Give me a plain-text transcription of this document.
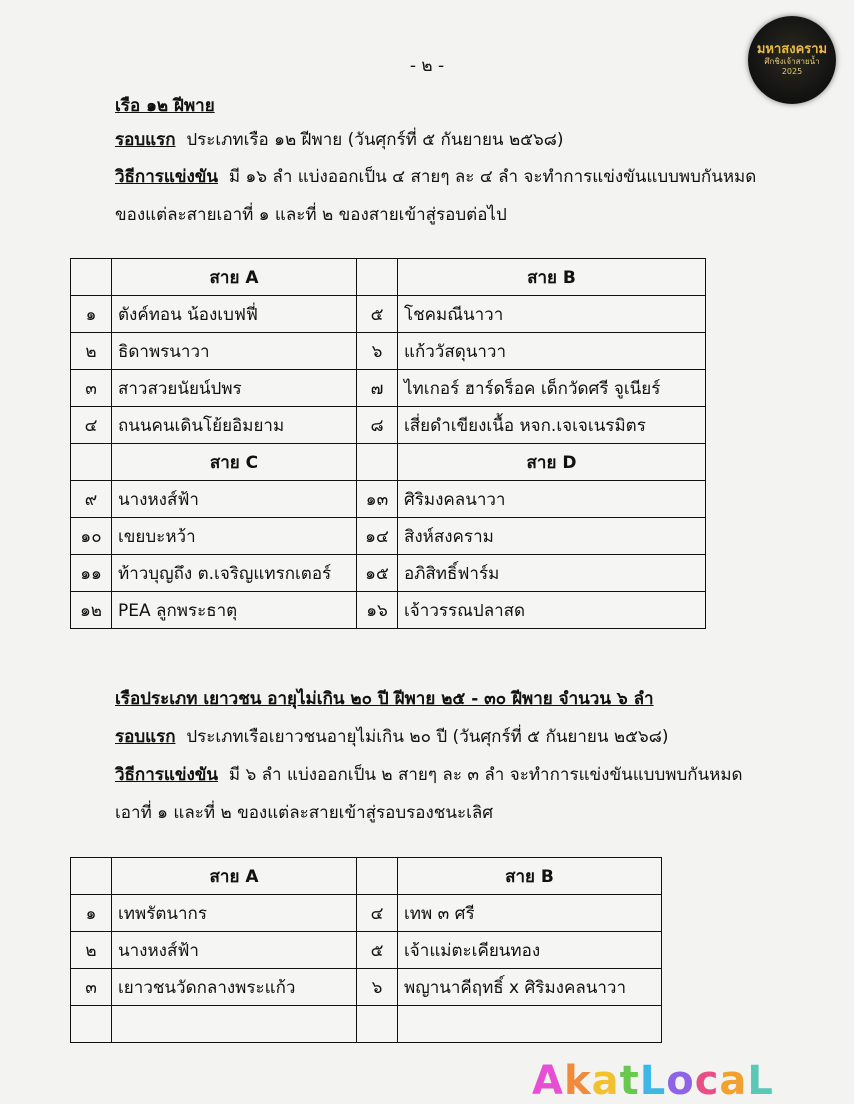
- ๒ -
มหาสงคราม
ศึกชิงเจ้าสายน้ำ
2025
เรือ ๑๒ ฝีพาย
รอบแรก ประเภทเรือ ๑๒ ฝีพาย (วันศุกร์ที่ ๕ กันยายน ๒๕๖๘)
วิธีการแข่งขัน มี ๑๖ ลำ แบ่งออกเป็น ๔ สายๆ ละ ๔ ลำ จะทำการแข่งขันแบบพบกันหมด
ของแต่ละสายเอาที่ ๑ และที่ ๒ ของสายเข้าสู่รอบต่อไป
	สาย A		สาย B
๑	ตังค์ทอน น้องเบฟฟี่	๕	โชคมณีนาวา
๒	ธิดาพรนาวา	๖	แก้ววัสดุนาวา
๓	สาวสวยนัยน์ปพร	๗	ไทเกอร์ ฮาร์ดร็อค เด็กวัดศรี จูเนียร์
๔	ถนนคนเดินโย้ยอิมยาม	๘	เสี่ยดำเขียงเนื้อ หจก.เจเจเนรมิตร
	สาย C		สาย D
๙	นางหงส์ฟ้า	๑๓	ศิริมงคลนาวา
๑๐	เขยบะหว้า	๑๔	สิงห์สงคราม
๑๑	ท้าวบุญถึง ต.เจริญแทรกเตอร์	๑๕	อภิสิทธิ์ฟาร์ม
๑๒	PEA ลูกพระธาตุ	๑๖	เจ้าวรรณปลาสด
เรือประเภท เยาวชน อายุไม่เกิน ๒๐ ปี ฝีพาย ๒๕ - ๓๐ ฝีพาย จำนวน ๖ ลำ
รอบแรก ประเภทเรือเยาวชนอายุไม่เกิน ๒๐ ปี (วันศุกร์ที่ ๕ กันยายน ๒๕๖๘)
วิธีการแข่งขัน มี ๖ ลำ แบ่งออกเป็น ๒ สายๆ ละ ๓ ลำ จะทำการแข่งขันแบบพบกันหมด
เอาที่ ๑ และที่ ๒ ของแต่ละสายเข้าสู่รอบรองชนะเลิศ
	สาย A		สาย B
๑	เทพรัตนากร	๔	เทพ ๓ ศรี
๒	นางหงส์ฟ้า	๕	เจ้าแม่ตะเคียนทอง
๓	เยาวชนวัดกลางพระแก้ว	๖	พญานาคีฤทธิ์ x ศิริมงคลนาวา

AkatLocaL
